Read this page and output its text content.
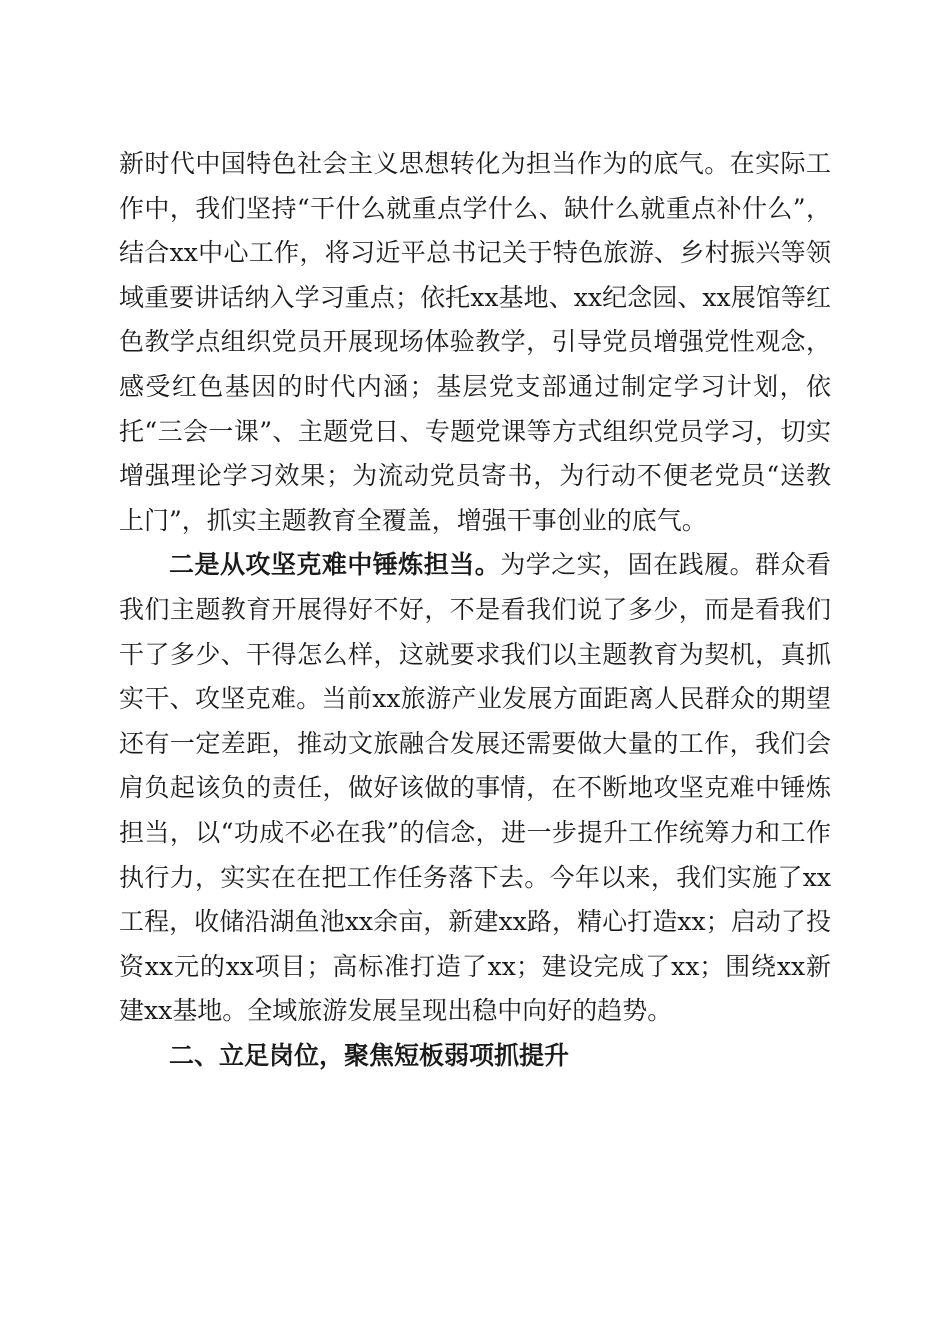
新时代中国特色社会主义思想转化为担当作为的底气。在实际工作中，我们坚持“干什么就重点学什么、缺什么就重点补什么”，结合xx中心工作，将习近平总书记关于特色旅游、乡村振兴等领域重要讲话纳入学习重点；依托xx基地、xx纪念园、xx展馆等红色教学点组织党员开展现场体验教学，引导党员增强党性观念，感受红色基因的时代内涵；基层党支部通过制定学习计划，依托“三会一课”、主题党日、专题党课等方式组织党员学习，切实增强理论学习效果；为流动党员寄书，为行动不便老党员“送教上门”，抓实主题教育全覆盖，增强干事创业的底气。

二是从攻坚克难中锤炼担当。为学之实，固在践履。群众看我们主题教育开展得好不好，不是看我们说了多少，而是看我们干了多少、干得怎么样，这就要求我们以主题教育为契机，真抓实干、攻坚克难。当前xx旅游产业发展方面距离人民群众的期望还有一定差距，推动文旅融合发展还需要做大量的工作，我们会肩负起该负的责任，做好该做的事情，在不断地攻坚克难中锤炼担当，以“功成不必在我”的信念，进一步提升工作统筹力和工作执行力，实实在在把工作任务落下去。今年以来，我们实施了xx工程，收储沿湖鱼池xx余亩，新建xx路，精心打造xx；启动了投资xx元的xx项目；高标准打造了xx；建设完成了xx；围绕xx新建xx基地。全域旅游发展呈现出稳中向好的趋势。

二、立足岗位，聚焦短板弱项抓提升
